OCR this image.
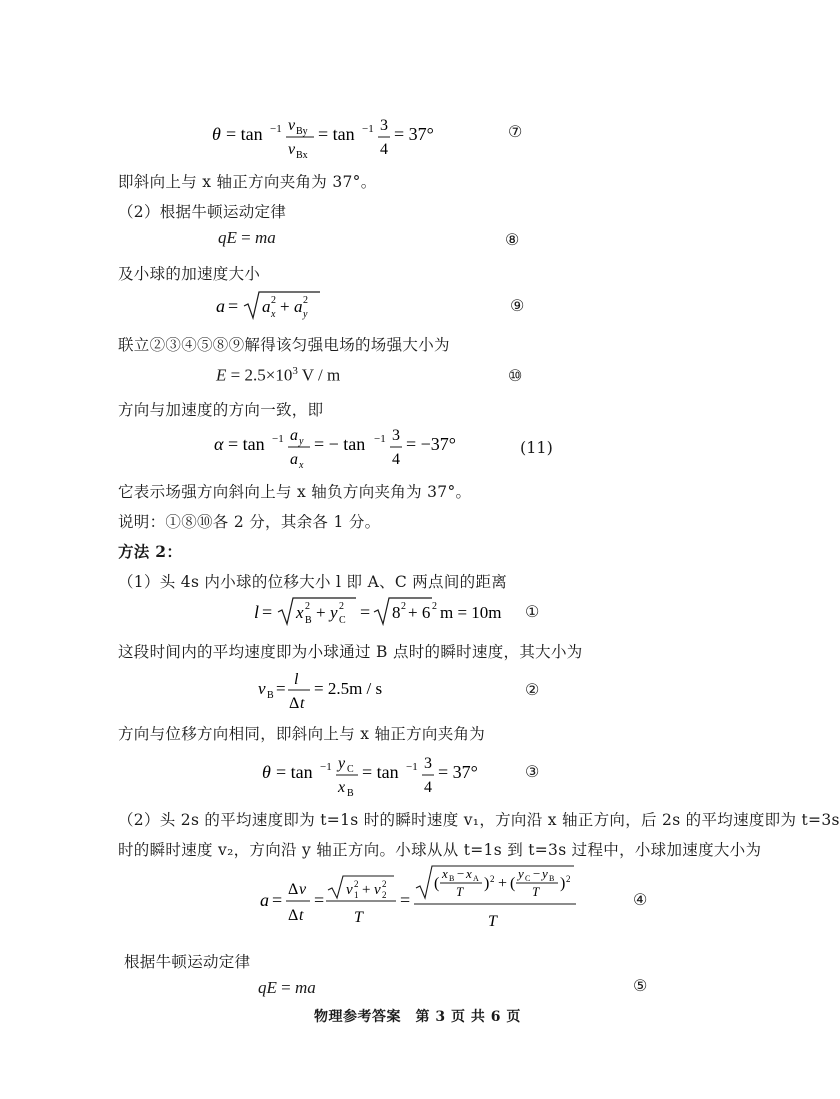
θ = tan −1 v By
v Bx
= tan −1 3
4
= 37°	⑦
即斜向上与 x 轴正方向夹角为 37°。
（2）根据牛顿运动定律
qE = ma	⑧
及小球的加速度大小
a = a 2
x + a 2
y	⑨
联立②③④⑤⑧⑨解得该匀强电场的场强大小为
$E = 2.5\times 10^3$ V / m	⑩
方向与加速度的方向一致，即
α = tan −1 a y
a x
= − tan −1 3
4
= −37°	(11)
它表示场强方向斜向上与 x 轴负方向夹角为 37°。
说明：①⑧⑩各 2 分，其余各 1 分。
方法 2：
（1）头 4s 内小球的位移大小 l 即 A、C 两点间的距离
l = x 2
B + y 2
C = 8 2 + 6 2 m = 10m ①
这段时间内的平均速度即为小球通过 B 点时的瞬时速度，其大小为
v B = l
Δ t
= 2.5m / s	②
方向与位移方向相同，即斜向上与 x 轴正方向夹角为
θ = tan −1 y C
x B
= tan −1 3
4
= 37°	③
（2）头 2s 的平均速度即为 t=1s 时的瞬时速度 v₁，方向沿 x 轴正方向，后 2s 的平均速度即为 t=3s
时的瞬时速度 v₂，方向沿 y 轴正方向。小球从从 t=1s 到 t=3s 过程中，小球加速度大小为
a =
Δ v
Δ t
= v 2
1 + v 2
2
T
=
(
x B − x A
T ) 2 + (
y C − y B
T ) 2
T
④
根据牛顿运动定律
qE = ma	⑤
物理参考答案　第 3 页 共 6 页
